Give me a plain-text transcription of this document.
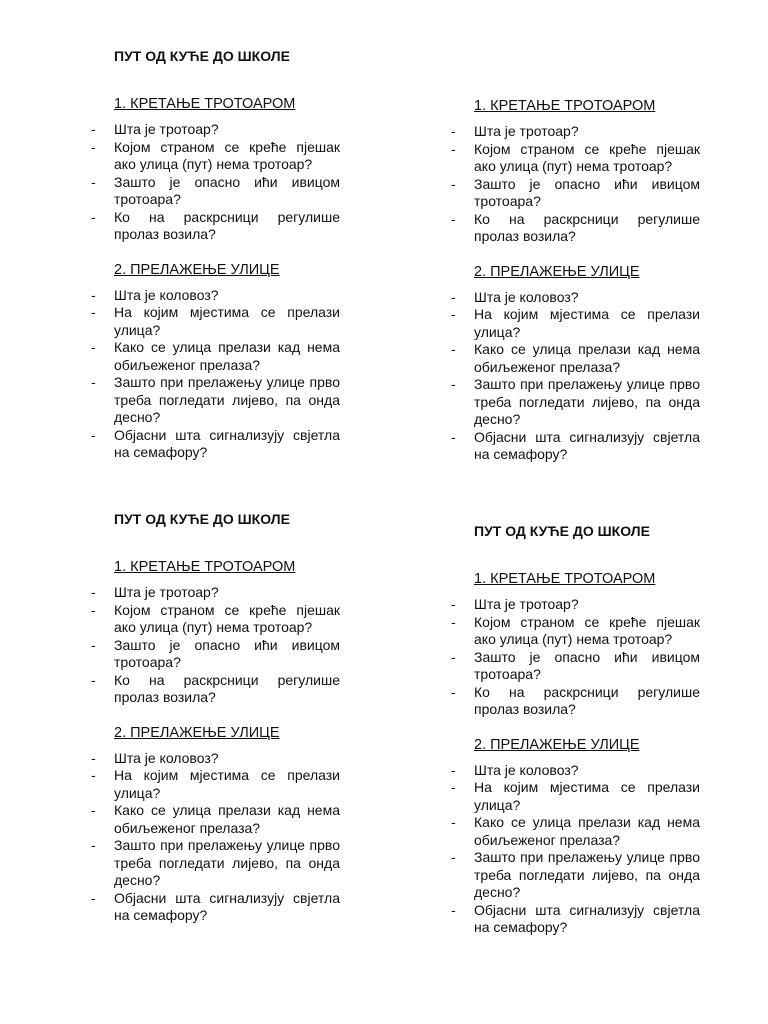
ПУТ ОД КУЋЕ ДО ШКОЛЕ

1. КРЕТАЊЕ ТРОТОАРОМ

- Шта је тротоар?
- Којом страном се креће пјешак ако улица (пут) нема тротоар?
- Зашто је опасно ићи ивицом тротоара?
- Ко на раскрсници регулише пролаз возила?

2. ПРЕЛАЖЕЊЕ УЛИЦЕ

- Шта је коловоз?
- На којим мјестима се прелази улица?
- Како се улица прелази кад нема обиљеженог прелаза?
- Зашто при прелажењу улице прво треба погледати лијево, па онда десно?
- Објасни шта сигнализују свјетла на семафору?

1. КРЕТАЊЕ ТРОТОАРОМ

- Шта је тротоар?
- Којом страном се креће пјешак ако улица (пут) нема тротоар?
- Зашто је опасно ићи ивицом тротоара?
- Ко на раскрсници регулише пролаз возила?

2. ПРЕЛАЖЕЊЕ УЛИЦЕ

- Шта је коловоз?
- На којим мјестима се прелази улица?
- Како се улица прелази кад нема обиљеженог прелаза?
- Зашто при прелажењу улице прво треба погледати лијево, па онда десно?
- Објасни шта сигнализују свјетла на семафору?

ПУТ ОД КУЋЕ ДО ШКОЛЕ

1. КРЕТАЊЕ ТРОТОАРОМ

- Шта је тротоар?
- Којом страном се креће пјешак ако улица (пут) нема тротоар?
- Зашто је опасно ићи ивицом тротоара?
- Ко на раскрсници регулише пролаз возила?

2. ПРЕЛАЖЕЊЕ УЛИЦЕ

- Шта је коловоз?
- На којим мјестима се прелази улица?
- Како се улица прелази кад нема обиљеженог прелаза?
- Зашто при прелажењу улице прво треба погледати лијево, па онда десно?
- Објасни шта сигнализују свјетла на семафору?

ПУТ ОД КУЋЕ ДО ШКОЛЕ

1. КРЕТАЊЕ ТРОТОАРОМ

- Шта је тротоар?
- Којом страном се креће пјешак ако улица (пут) нема тротоар?
- Зашто је опасно ићи ивицом тротоара?
- Ко на раскрсници регулише пролаз возила?

2. ПРЕЛАЖЕЊЕ УЛИЦЕ

- Шта је коловоз?
- На којим мјестима се прелази улица?
- Како се улица прелази кад нема обиљеженог прелаза?
- Зашто при прелажењу улице прво треба погледати лијево, па онда десно?
- Објасни шта сигнализују свјетла на семафору?
